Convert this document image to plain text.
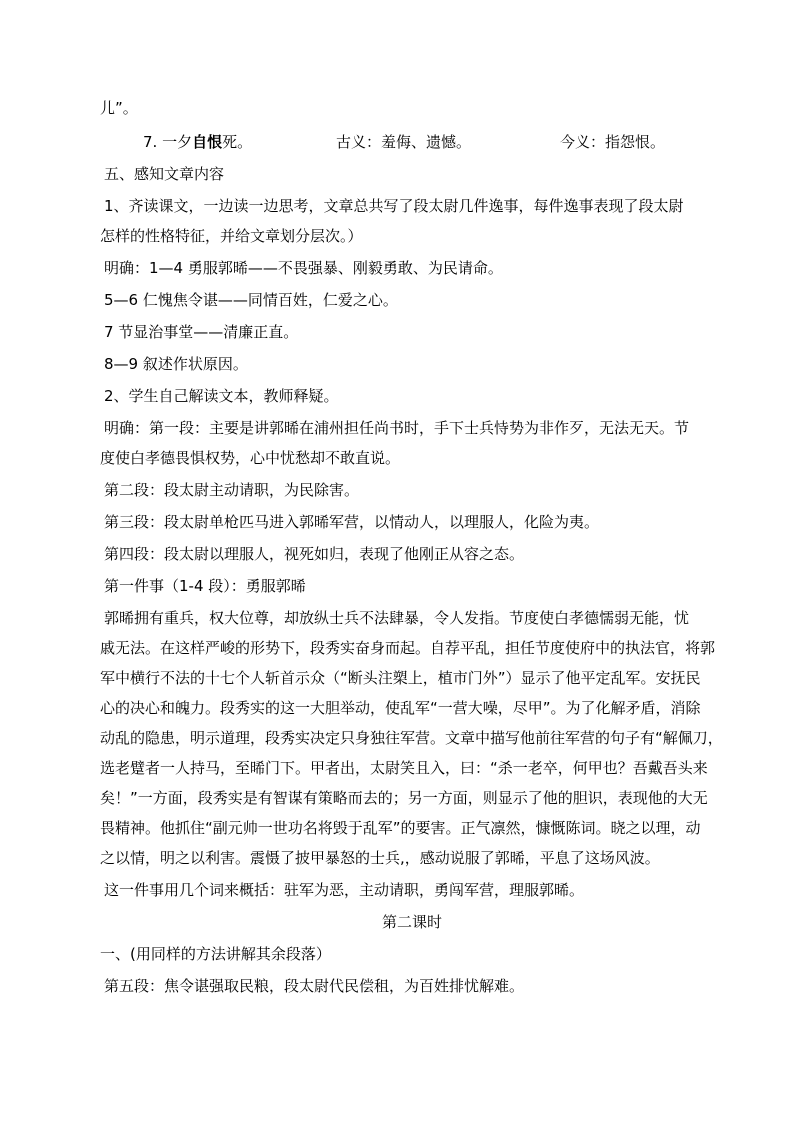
儿”。
7. 一夕自恨死。	古义：羞侮、遗憾。	今义：指怨恨。
五、感知文章内容
1、齐读课文，一边读一边思考，文章总共写了段太尉几件逸事，每件逸事表现了段太尉
怎样的性格特征，并给文章划分层次。）
明确：1—4 勇服郭晞——不畏强暴、刚毅勇敢、为民请命。
5—6 仁愧焦令谌——同情百姓，仁爱之心。
7 节显治事堂——清廉正直。
8—9 叙述作状原因。
2、学生自己解读文本，教师释疑。
明确：第一段：主要是讲郭晞在浦州担任尚书时，手下士兵恃势为非作歹，无法无天。节
度使白孝德畏惧权势，心中忧愁却不敢直说。
第二段：段太尉主动请职，为民除害。
第三段：段太尉单枪匹马进入郭晞军营，以情动人，以理服人，化险为夷。
第四段：段太尉以理服人，视死如归，表现了他刚正从容之态。
第一件事（1-4 段）：勇服郭晞
郭晞拥有重兵，权大位尊，却放纵士兵不法肆暴，令人发指。节度使白孝德懦弱无能，忧
戚无法。在这样严峻的形势下，段秀实奋身而起。自荐平乱，担任节度使府中的执法官，将郭
军中横行不法的十七个人斩首示众（“断头注槊上，植市门外”）显示了他平定乱军。安抚民
心的决心和魄力。段秀实的这一大胆举动，使乱军“一营大噪，尽甲”。为了化解矛盾，消除
动乱的隐患，明示道理，段秀实决定只身独往军营。文章中描写他前往军营的句子有“解佩刀，
选老躄者一人持马，至晞门下。甲者出，太尉笑且入，曰：“杀一老卒，何甲也？吾戴吾头来
矣！”一方面，段秀实是有智谋有策略而去的；另一方面，则显示了他的胆识，表现他的大无
畏精神。他抓住“副元帅一世功名将毁于乱军”的要害。正气凛然，慷慨陈词。晓之以理，动
之以情，明之以利害。震慑了披甲暴怒的士兵,，感动说服了郭晞，平息了这场风波。
这一件事用几个词来概括：驻军为恶，主动请职，勇闯军营，理服郭晞。
第二课时
一、(用同样的方法讲解其余段落）
第五段：焦令谌强取民粮，段太尉代民偿租，为百姓排忧解难。
